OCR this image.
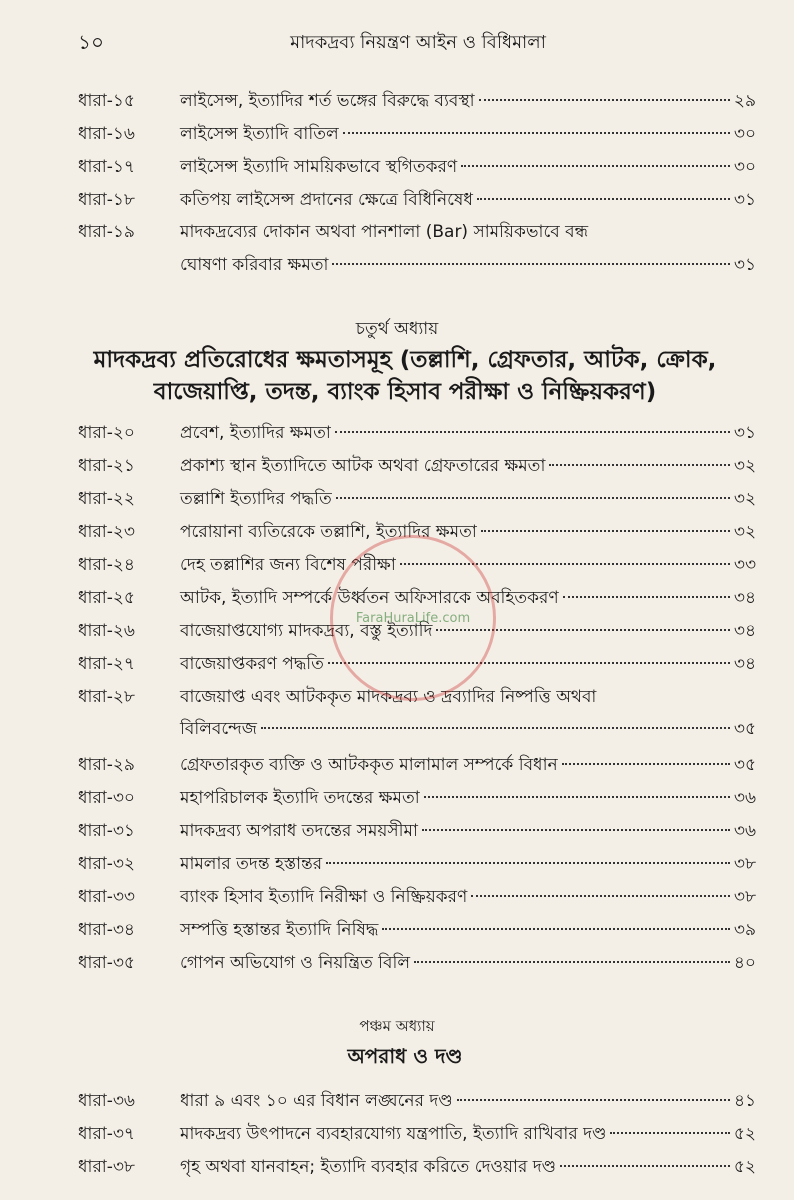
১০	মাদকদ্রব্য নিয়ন্ত্রণ আইন ও বিধিমালা
ধারা-১৫	লাইসেন্স, ইত্যাদির শর্ত ভঙ্গের বিরুদ্ধে ব্যবস্থা	২৯
ধারা-১৬	লাইসেন্স ইত্যাদি বাতিল	৩০
ধারা-১৭	লাইসেন্স ইত্যাদি সাময়িকভাবে স্থগিতকরণ	৩০
ধারা-১৮	কতিপয় লাইসেন্স প্রদানের ক্ষেত্রে বিধিনিষেধ	৩১
ধারা-১৯	মাদকদ্রব্যের দোকান অথবা পানশালা (Bar) সাময়িকভাবে বন্ধ
ঘোষণা করিবার ক্ষমতা	৩১
চতুর্থ অধ্যায়
মাদকদ্রব্য প্রতিরোধের ক্ষমতাসমূহ (তল্লাশি, গ্রেফতার, আটক, ক্রোক,
বাজেয়াপ্তি, তদন্ত, ব্যাংক হিসাব পরীক্ষা ও নিষ্ক্রিয়করণ)
ধারা-২০	প্রবেশ, ইত্যাদির ক্ষমতা	৩১
ধারা-২১	প্রকাশ্য স্থান ইত্যাদিতে আটক অথবা গ্রেফতারের ক্ষমতা	৩২
ধারা-২২	তল্লাশি ইত্যাদির পদ্ধতি	৩২
ধারা-২৩	পরোয়ানা ব্যতিরেকে তল্লাশি, ইত্যাদির ক্ষমতা	৩২
ধারা-২৪	দেহ তল্লাশির জন্য বিশেষ পরীক্ষা	৩৩
ধারা-২৫	আটক, ইত্যাদি সম্পর্কে উর্ধ্বতন অফিসারকে অবহিতকরণ	৩৪
ধারা-২৬	বাজেয়াপ্তযোগ্য মাদকদ্রব্য, বস্তু ইত্যাদি	৩৪
ধারা-২৭	বাজেয়াপ্তকরণ পদ্ধতি	৩৪
ধারা-২৮	বাজেয়াপ্ত এবং আটককৃত মাদকদ্রব্য ও দ্রব্যাদির নিষ্পত্তি অথবা
বিলিবন্দেজ	৩৫
ধারা-২৯	গ্রেফতারকৃত ব্যক্তি ও আটককৃত মালামাল সম্পর্কে বিধান	৩৫
ধারা-৩০	মহাপরিচালক ইত্যাদি তদন্তের ক্ষমতা	৩৬
ধারা-৩১	মাদকদ্রব্য অপরাধ তদন্তের সময়সীমা	৩৬
ধারা-৩২	মামলার তদন্ত হস্তান্তর	৩৮
ধারা-৩৩	ব্যাংক হিসাব ইত্যাদি নিরীক্ষা ও নিষ্ক্রিয়করণ	৩৮
ধারা-৩৪	সম্পত্তি হস্তান্তর ইত্যাদি নিষিদ্ধ	৩৯
ধারা-৩৫	গোপন অভিযোগ ও নিয়ন্ত্রিত বিলি	৪০
পঞ্চম অধ্যায়
অপরাধ ও দণ্ড
ধারা-৩৬	ধারা ৯ এবং ১০ এর বিধান লঙ্ঘনের দণ্ড	৪১
ধারা-৩৭	মাদকদ্রব্য উৎপাদনে ব্যবহারযোগ্য যন্ত্রপাতি, ইত্যাদি রাখিবার দণ্ড	৫২
ধারা-৩৮	গৃহ অথবা যানবাহন; ইত্যাদি ব্যবহার করিতে দেওয়ার দণ্ড	৫২
FaraHuraLife.com
